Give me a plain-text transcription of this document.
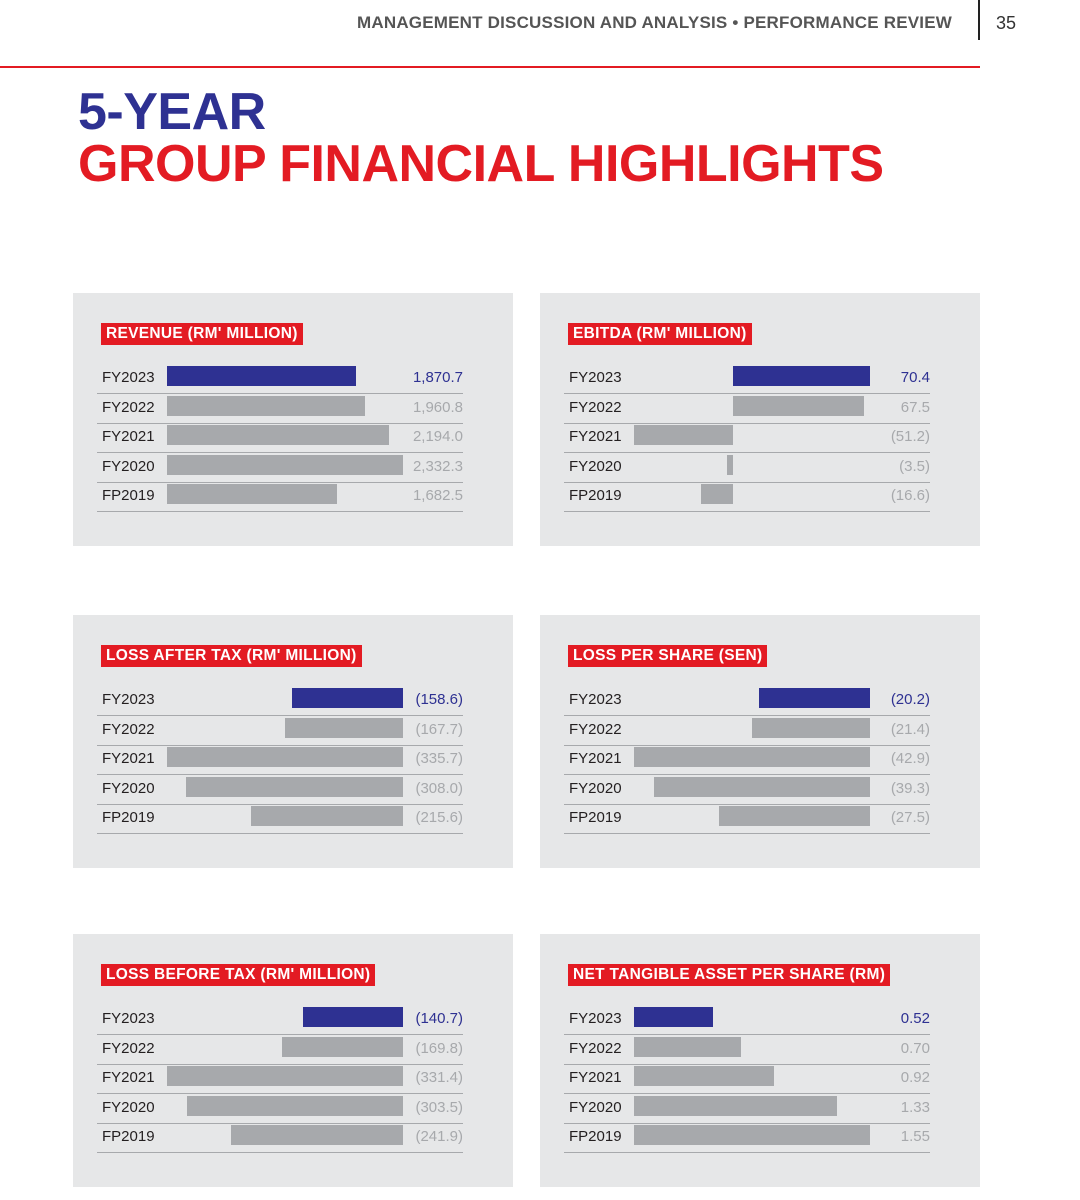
MANAGEMENT DISCUSSION AND ANALYSIS • PERFORMANCE REVIEW 35
5-YEAR
GROUP FINANCIAL HIGHLIGHTS
REVENUE (RM' MILLION)
FY2023	1,870.7
FY2022	1,960.8
FY2021	2,194.0
FY2020	2,332.3
FP2019	1,682.5
EBITDA (RM' MILLION)
FY2023	70.4
FY2022	67.5
FY2021	(51.2)
FY2020	(3.5)
FP2019	(16.6)
LOSS AFTER TAX (RM' MILLION)
FY2023	(158.6)
FY2022	(167.7)
FY2021	(335.7)
FY2020	(308.0)
FP2019	(215.6)
LOSS PER SHARE (SEN)
FY2023	(20.2)
FY2022	(21.4)
FY2021	(42.9)
FY2020	(39.3)
FP2019	(27.5)
LOSS BEFORE TAX (RM' MILLION)
FY2023	(140.7)
FY2022	(169.8)
FY2021	(331.4)
FY2020	(303.5)
FP2019	(241.9)
NET TANGIBLE ASSET PER SHARE (RM)
FY2023	0.52
FY2022	0.70
FY2021	0.92
FY2020	1.33
FP2019	1.55
